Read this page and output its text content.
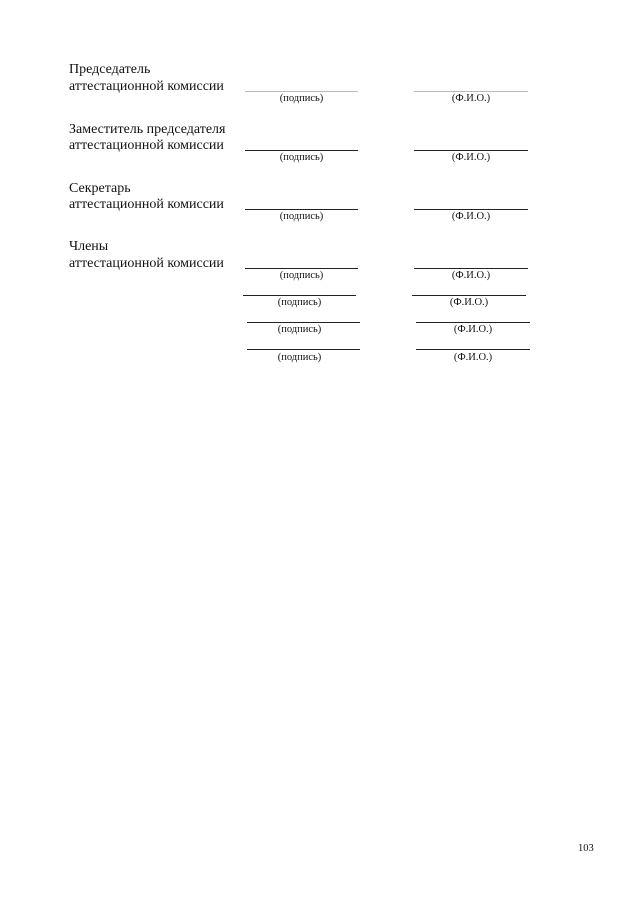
Председатель
аттестационной комиссии
(подпись)	(Ф.И.О.)
Заместитель председателя
аттестационной комиссии
(подпись)	(Ф.И.О.)
Секретарь
аттестационной комиссии
(подпись)	(Ф.И.О.)
Члены
аттестационной комиссии
(подпись)	(Ф.И.О.)
(подпись)	(Ф.И.О.)
(подпись)	(Ф.И.О.)
(подпись)	(Ф.И.О.)
103
